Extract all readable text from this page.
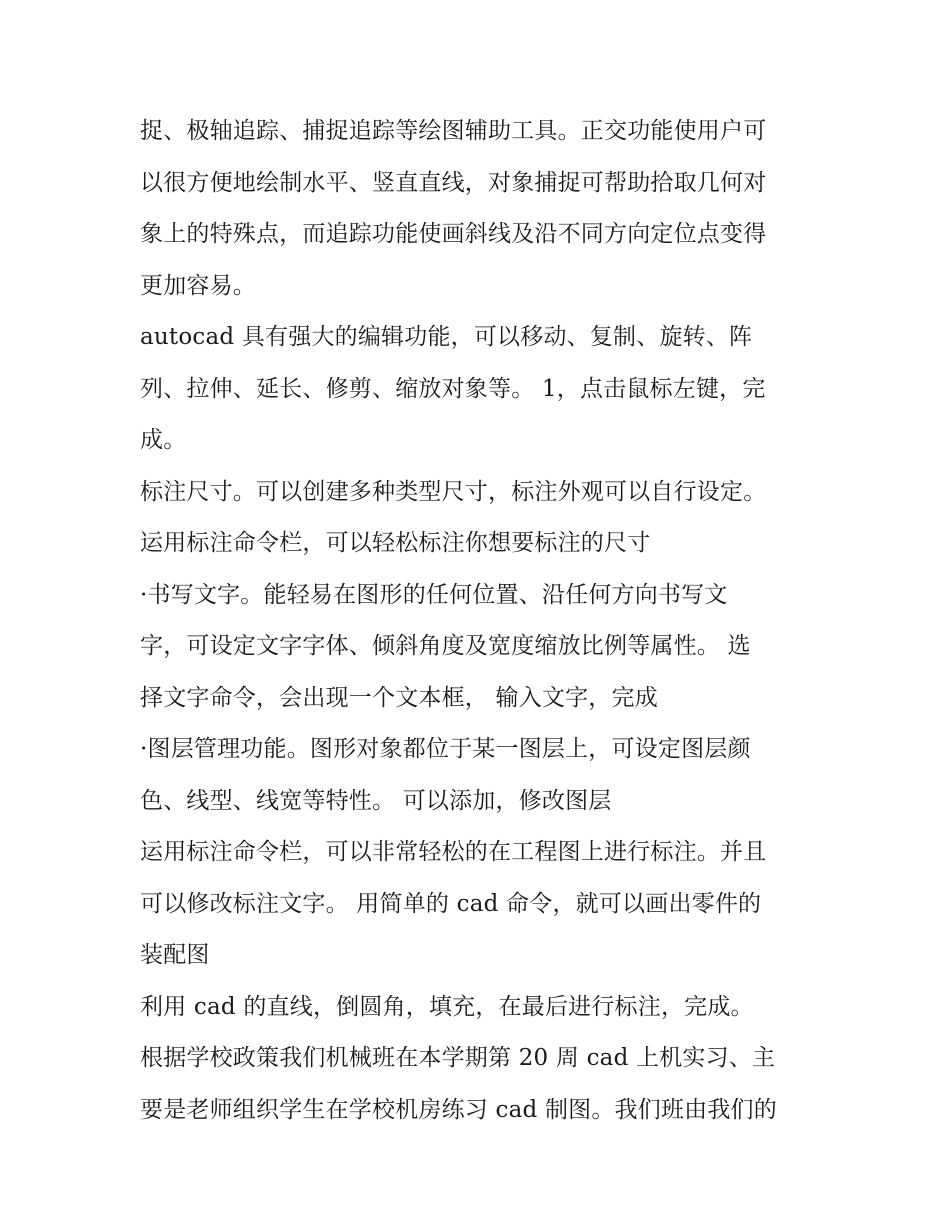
捉、极轴追踪、捕捉追踪等绘图辅助工具。正交功能使用户可
以很方便地绘制水平、竖直直线，对象捕捉可帮助拾取几何对
象上的特殊点，而追踪功能使画斜线及沿不同方向定位点变得
更加容易。
autocad 具有强大的编辑功能，可以移动、复制、旋转、阵
列、拉伸、延长、修剪、缩放对象等。 1，点击鼠标左键，完
成。
标注尺寸。可以创建多种类型尺寸，标注外观可以自行设定。
运用标注命令栏，可以轻松标注你想要标注的尺寸
·书写文字。能轻易在图形的任何位置、沿任何方向书写文
字，可设定文字字体、倾斜角度及宽度缩放比例等属性。 选
择文字命令，会出现一个文本框， 输入文字，完成
·图层管理功能。图形对象都位于某一图层上，可设定图层颜
色、线型、线宽等特性。 可以添加，修改图层
运用标注命令栏，可以非常轻松的在工程图上进行标注。并且
可以修改标注文字。 用简单的 cad 命令，就可以画出零件的
装配图
利用 cad 的直线，倒圆角，填充，在最后进行标注，完成。
根据学校政策我们机械班在本学期第 20 周 cad 上机实习、主
要是老师组织学生在学校机房练习 cad 制图。我们班由我们的
